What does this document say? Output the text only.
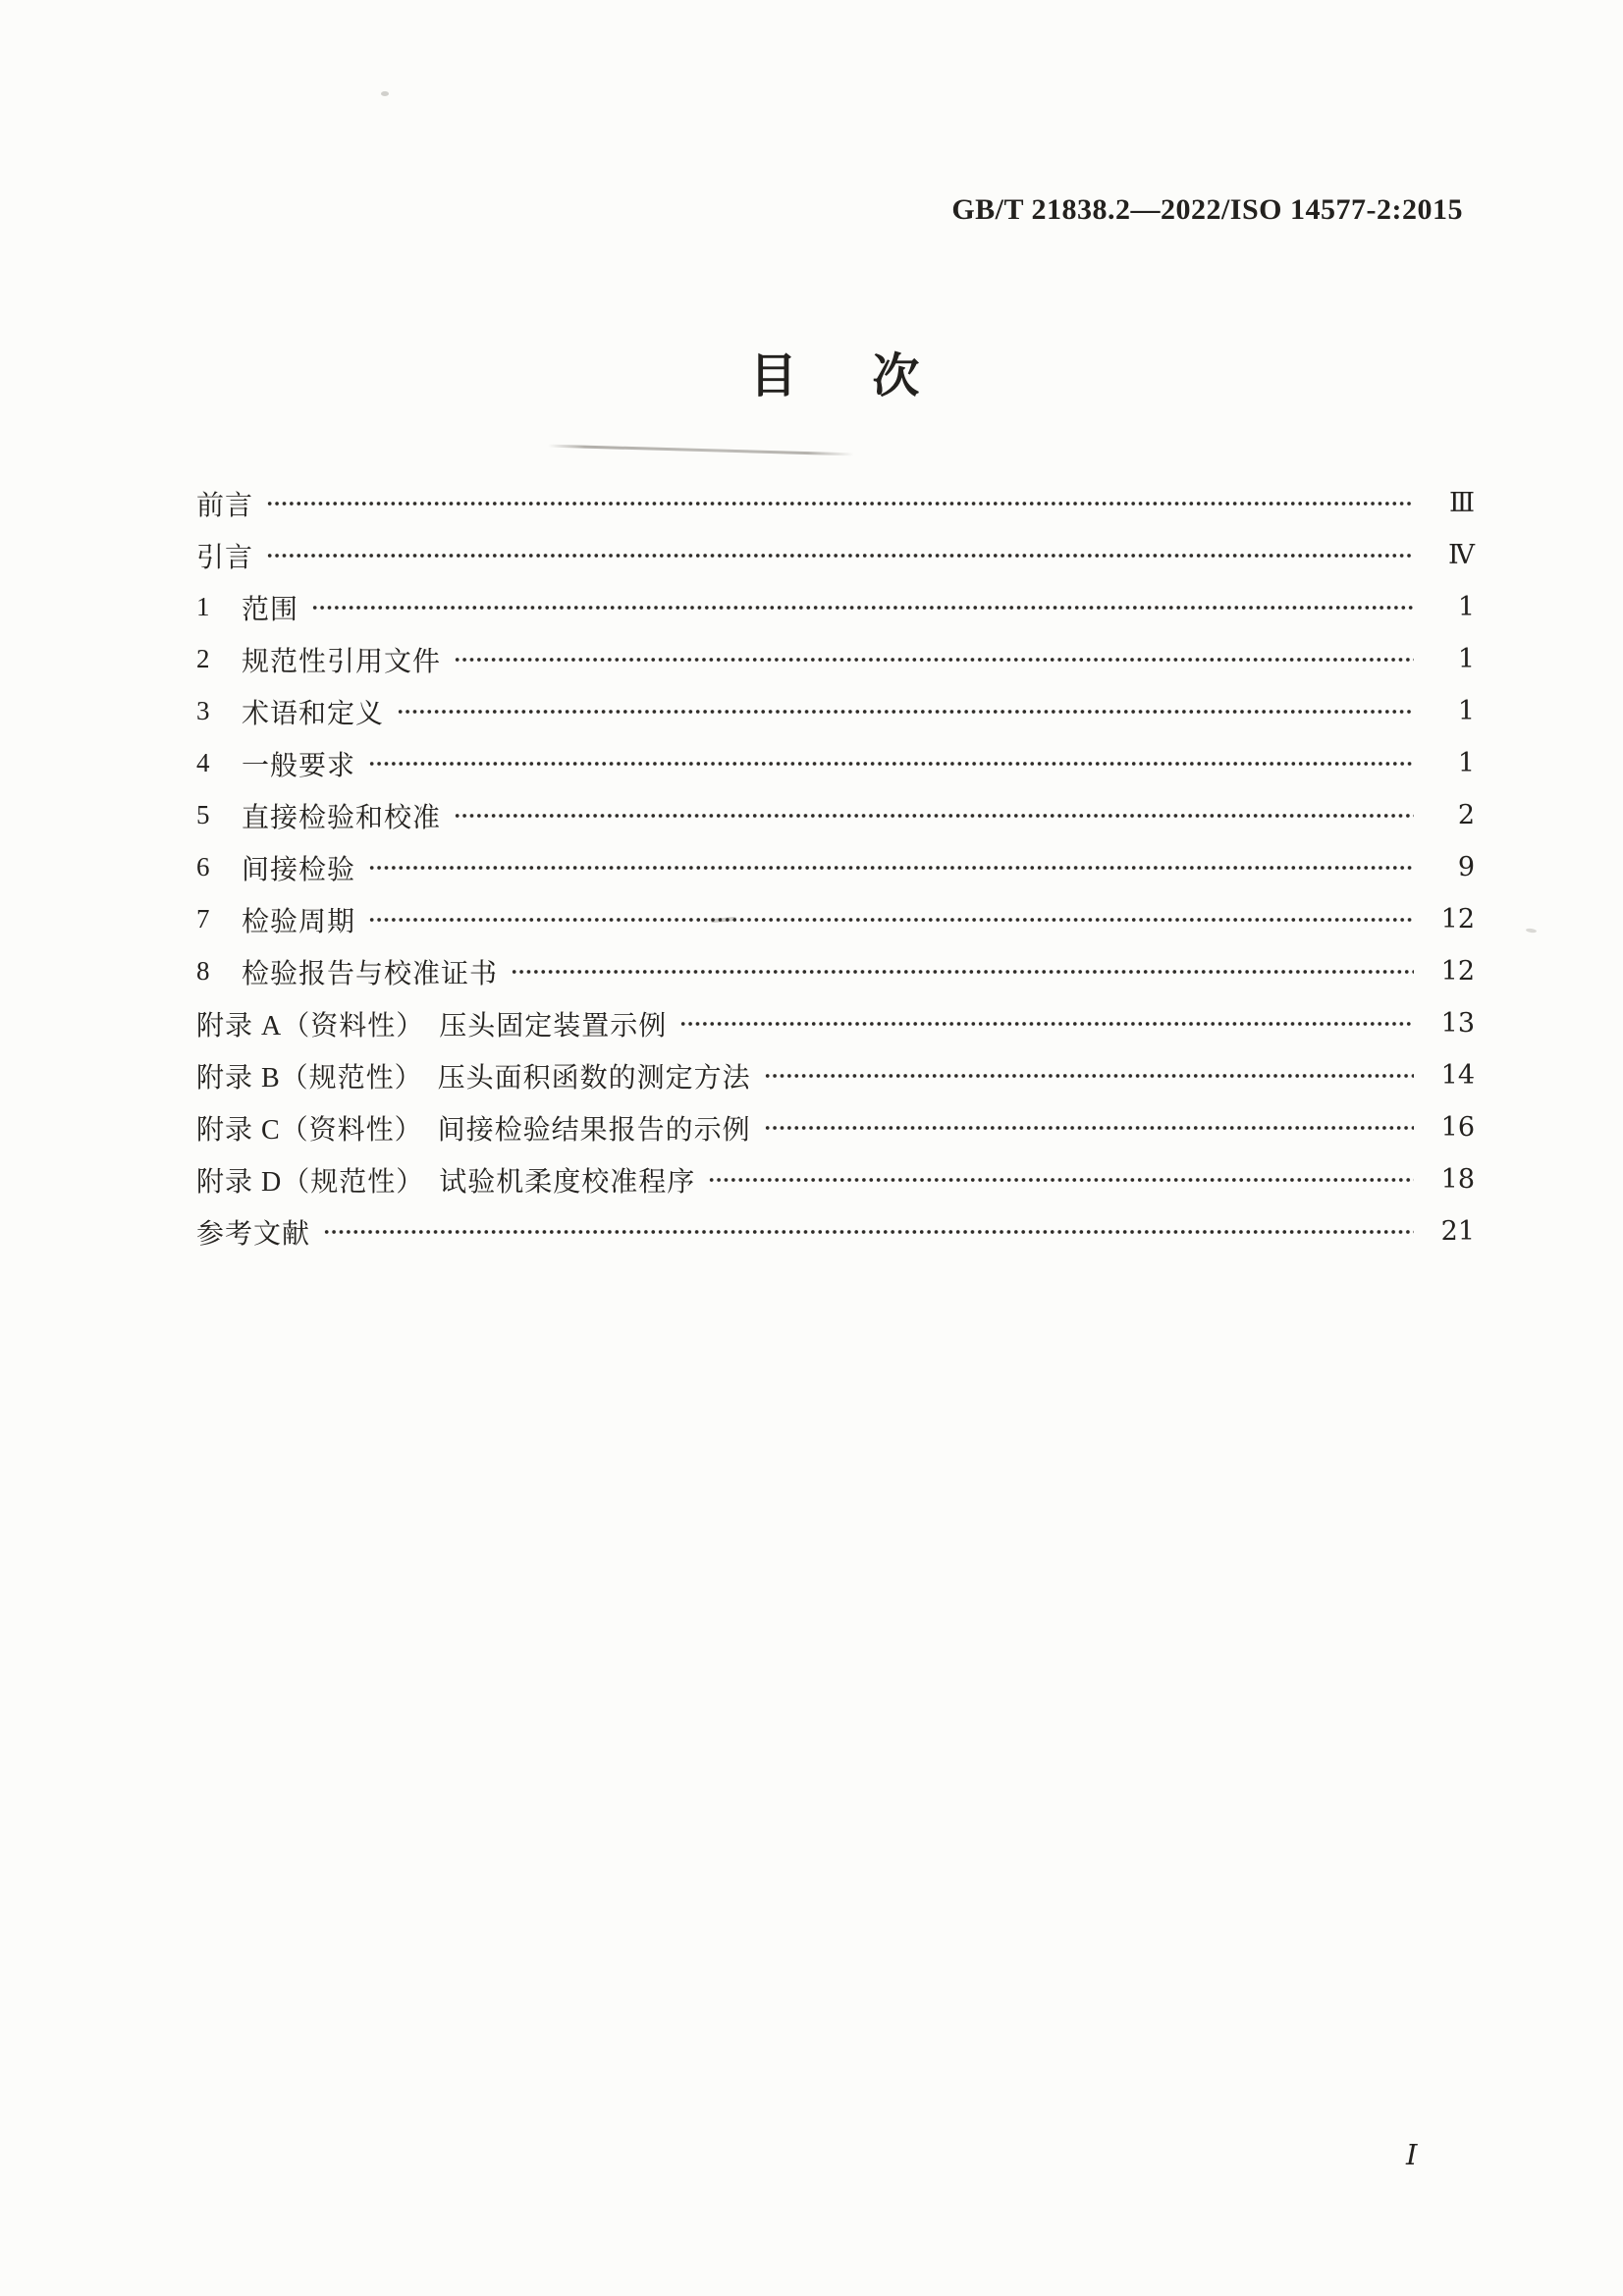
GB/T 21838.2—2022/ISO 14577-2:2015
目次
前言	Ⅲ
引言	Ⅳ
1	范围	1
2	规范性引用文件	1
3	术语和定义	1
4	一般要求	1
5	直接检验和校准	2
6	间接检验	9
7	检验周期	12
8	检验报告与校准证书	12
附录 A（资料性）　压头固定装置示例	13
附录 B（规范性）　压头面积函数的测定方法	14
附录 C（资料性）　间接检验结果报告的示例	16
附录 D（规范性）　试验机柔度校准程序	18
参考文献	21
I
